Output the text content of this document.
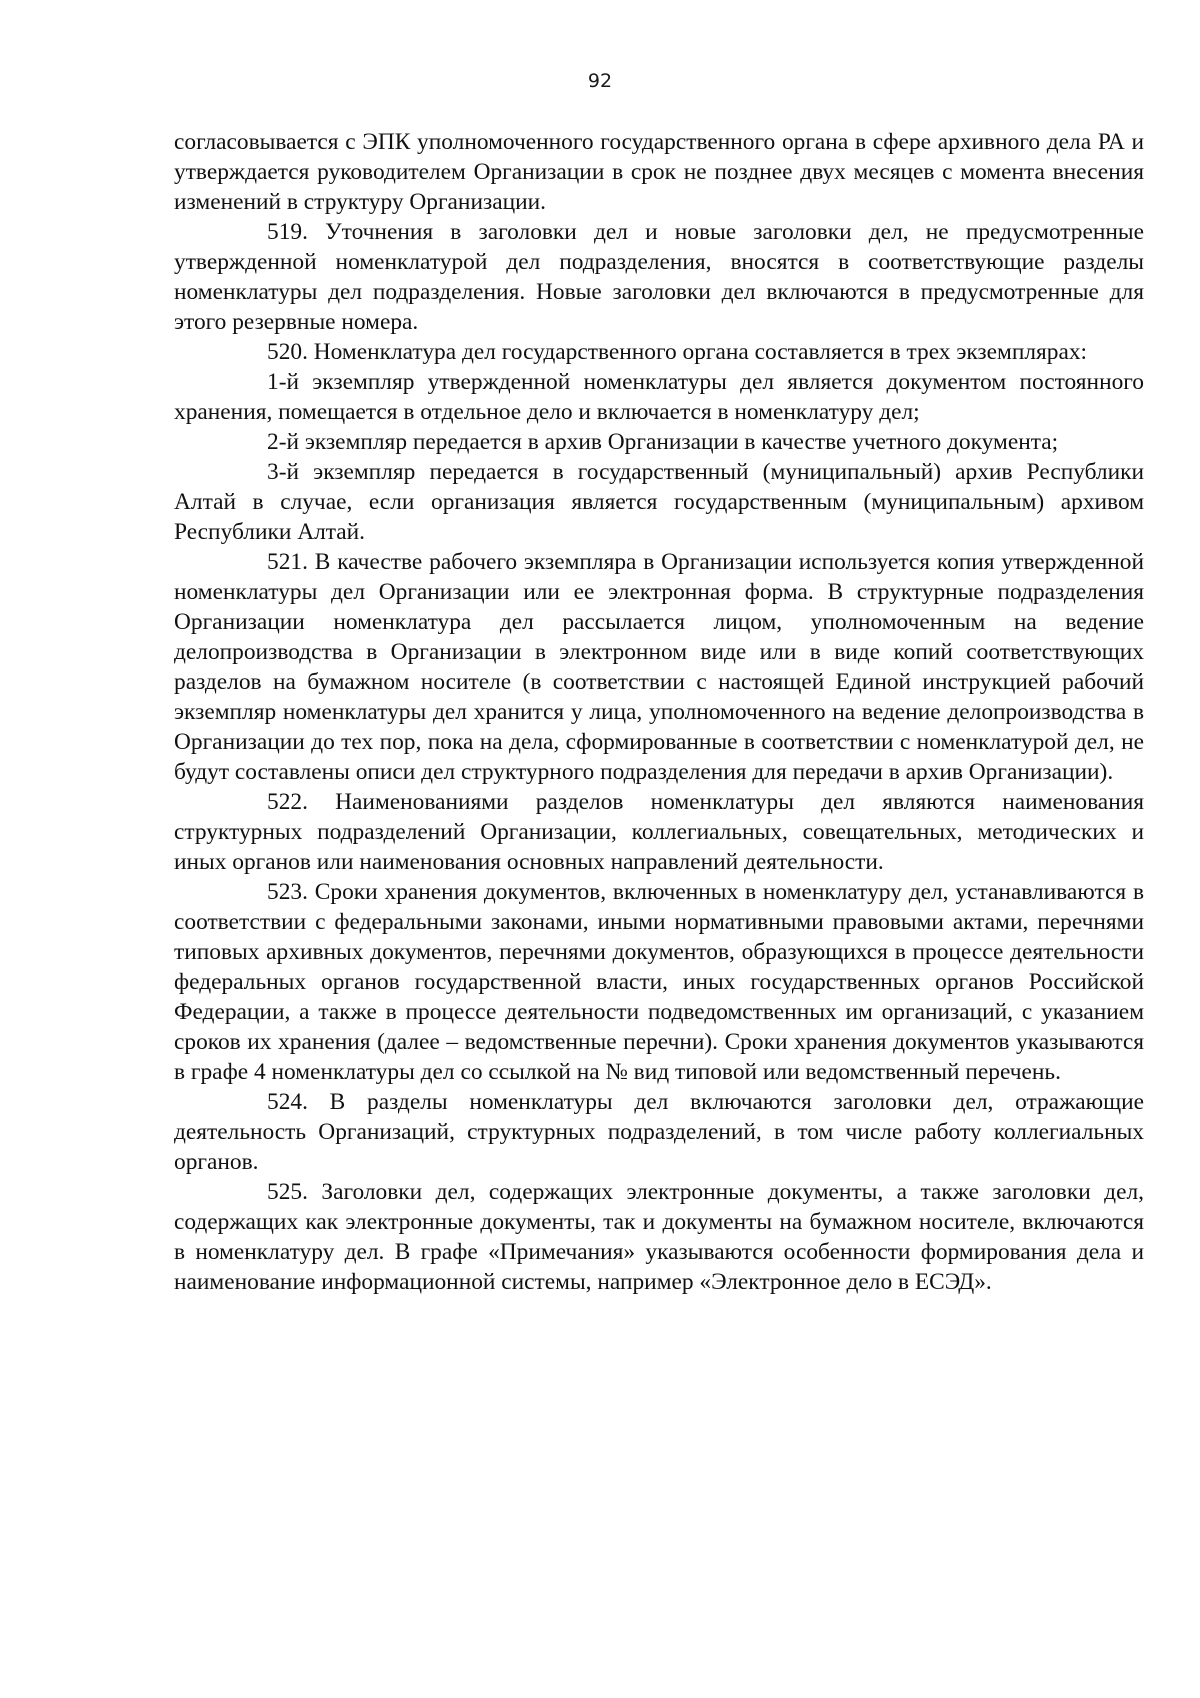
92

согласовывается с ЭПК уполномоченного государственного органа в сфере архивного дела РА и утверждается руководителем Организации в срок не позднее двух месяцев с момента внесения изменений в структуру Организации.

519. Уточнения в заголовки дел и новые заголовки дел, не предусмотренные утвержденной номенклатурой дел подразделения, вносятся в соответствующие разделы номенклатуры дел подразделения. Новые заголовки дел включаются в предусмотренные для этого резервные номера.

520. Номенклатура дел государственного органа составляется в трех экземплярах:

1-й экземпляр утвержденной номенклатуры дел является документом постоянного хранения, помещается в отдельное дело и включается в номенклатуру дел;

2-й экземпляр передается в архив Организации в качестве учетного документа;

3-й экземпляр передается в государственный (муниципальный) архив Республики Алтай в случае, если организация является государственным (муниципальным) архивом Республики Алтай.

521. В качестве рабочего экземпляра в Организации используется копия утвержденной номенклатуры дел Организации или ее электронная форма. В структурные подразделения Организации номенклатура дел рассылается лицом, уполномоченным на ведение делопроизводства в Организации в электронном виде или в виде копий соответствующих разделов на бумажном носителе (в соответствии с настоящей Единой инструкцией рабочий экземпляр номенклатуры дел хранится у лица, уполномоченного на ведение делопроизводства в Организации до тех пор, пока на дела, сформированные в соответствии с номенклатурой дел, не будут составлены описи дел структурного подразделения для передачи в архив Организации).

522. Наименованиями разделов номенклатуры дел являются наименования структурных подразделений Организации, коллегиальных, совещательных, методических и иных органов или наименования основных направлений деятельности.

523. Сроки хранения документов, включенных в номенклатуру дел, устанавливаются в соответствии с федеральными законами, иными нормативными правовыми актами, перечнями типовых архивных документов, перечнями документов, образующихся в процессе деятельности федеральных органов государственной власти, иных государственных органов Российской Федерации, а также в процессе деятельности подведомственных им организаций, с указанием сроков их хранения (далее – ведомственные перечни). Сроки хранения документов указываются в графе 4 номенклатуры дел со ссылкой на № вид типовой или ведомственный перечень.

524. В разделы номенклатуры дел включаются заголовки дел, отражающие деятельность Организаций, структурных подразделений, в том числе работу коллегиальных органов.

525. Заголовки дел, содержащих электронные документы, а также заголовки дел, содержащих как электронные документы, так и документы на бумажном носителе, включаются в номенклатуру дел. В графе «Примечания» указываются особенности формирования дела и наименование информационной системы, например «Электронное дело в ЕСЭД».
